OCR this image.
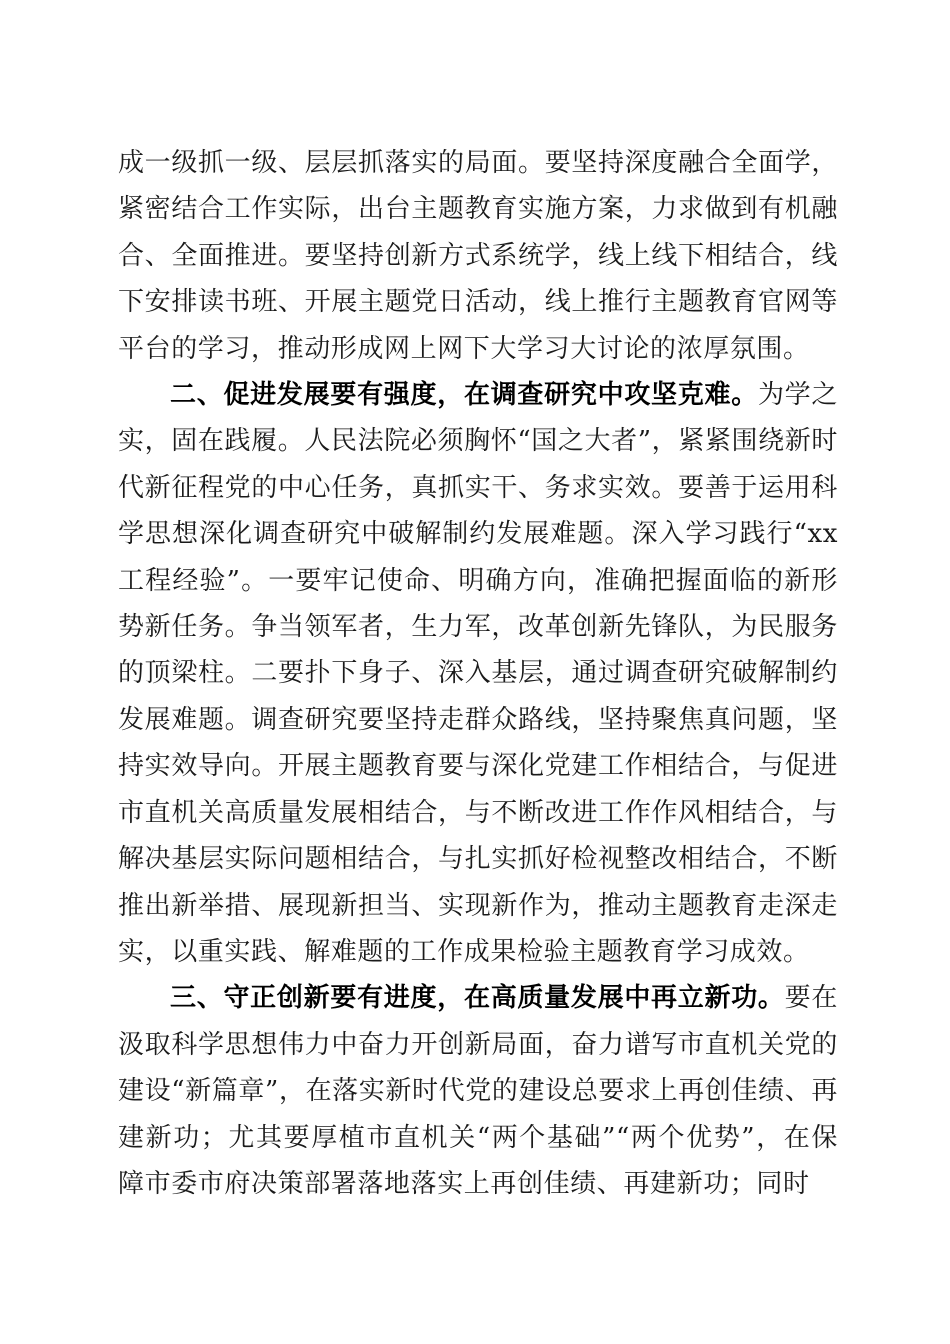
成一级抓一级、层层抓落实的局面。要坚持深度融合全面学，紧密结合工作实际，出台主题教育实施方案，力求做到有机融合、全面推进。要坚持创新方式系统学，线上线下相结合，线下安排读书班、开展主题党日活动，线上推行主题教育官网等平台的学习，推动形成网上网下大学习大讨论的浓厚氛围。

二、促进发展要有强度，在调查研究中攻坚克难。为学之实，固在践履。人民法院必须胸怀“国之大者”，紧紧围绕新时代新征程党的中心任务，真抓实干、务求实效。要善于运用科学思想深化调查研究中破解制约发展难题。深入学习践行“xx工程经验”。一要牢记使命、明确方向，准确把握面临的新形势新任务。争当领军者，生力军，改革创新先锋队，为民服务的顶梁柱。二要扑下身子、深入基层，通过调查研究破解制约发展难题。调查研究要坚持走群众路线，坚持聚焦真问题，坚持实效导向。开展主题教育要与深化党建工作相结合，与促进市直机关高质量发展相结合，与不断改进工作作风相结合，与解决基层实际问题相结合，与扎实抓好检视整改相结合，不断推出新举措、展现新担当、实现新作为，推动主题教育走深走实，以重实践、解难题的工作成果检验主题教育学习成效。

三、守正创新要有进度，在高质量发展中再立新功。要在汲取科学思想伟力中奋力开创新局面，奋力谱写市直机关党的建设“新篇章”，在落实新时代党的建设总要求上再创佳绩、再建新功；尤其要厚植市直机关“两个基础”“两个优势”，在保障市委市府决策部署落地落实上再创佳绩、再建新功；同时
